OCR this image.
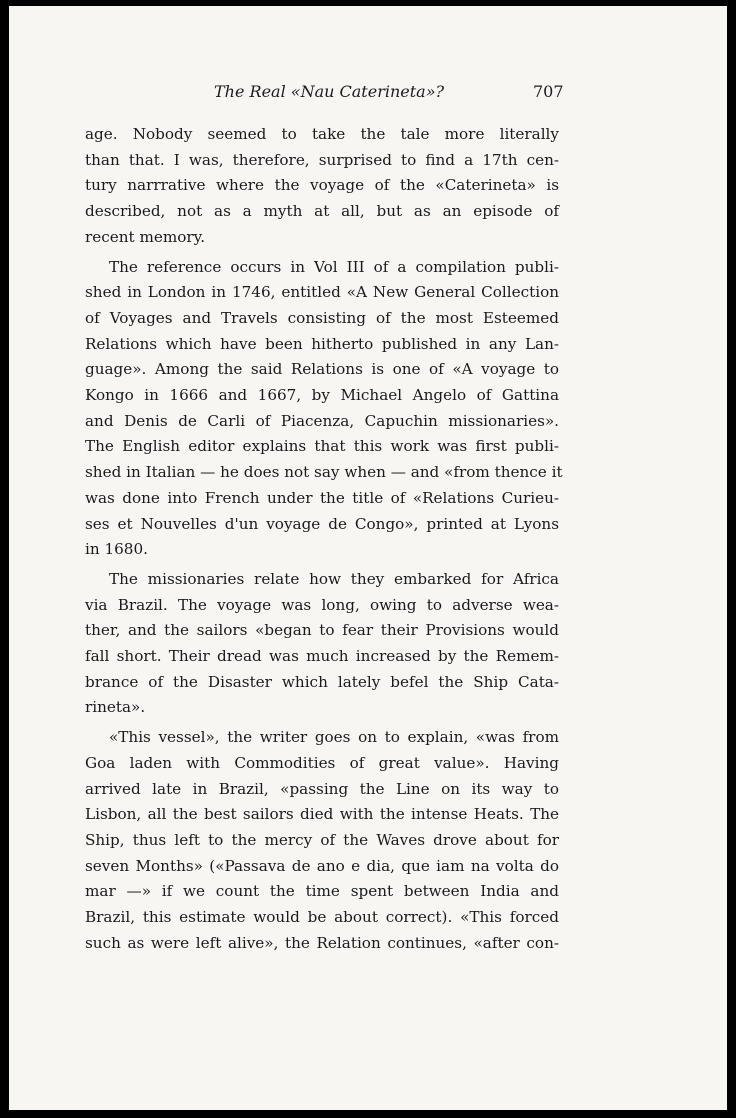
The Real «Nau Caterineta»?	707

age. Nobody seemed to take the tale more literally
than that. I was, therefore, surprised to find a 17th cen-
tury narrrative where the voyage of the «Caterineta» is
described, not as a myth at all, but as an episode of
recent memory.

The reference occurs in Vol III of a compilation publi-
shed in London in 1746, entitled «A New General Collection
of Voyages and Travels consisting of the most Esteemed
Relations which have been hitherto published in any Lan-
guage». Among the said Relations is one of «A voyage to
Kongo in 1666 and 1667, by Michael Angelo of Gattina
and Denis de Carli of Piacenza, Capuchin missionaries».
The English editor explains that this work was first publi-
shed in Italian — he does not say when — and «from thence it
was done into French under the title of «Relations Curieu-
ses et Nouvelles d'un voyage de Congo», printed at Lyons
in 1680.

The missionaries relate how they embarked for Africa
via Brazil. The voyage was long, owing to adverse wea-
ther, and the sailors «began to fear their Provisions would
fall short. Their dread was much increased by the Remem-
brance of the Disaster which lately befel the Ship Cata-
rineta».

«This vessel», the writer goes on to explain, «was from
Goa laden with Commodities of great value». Having
arrived late in Brazil, «passing the Line on its way to
Lisbon, all the best sailors died with the intense Heats. The
Ship, thus left to the mercy of the Waves drove about for
seven Months» («Passava de ano e dia, que iam na volta do
mar —» if we count the time spent between India and
Brazil, this estimate would be about correct). «This forced
such as were left alive», the Relation continues, «after con-
